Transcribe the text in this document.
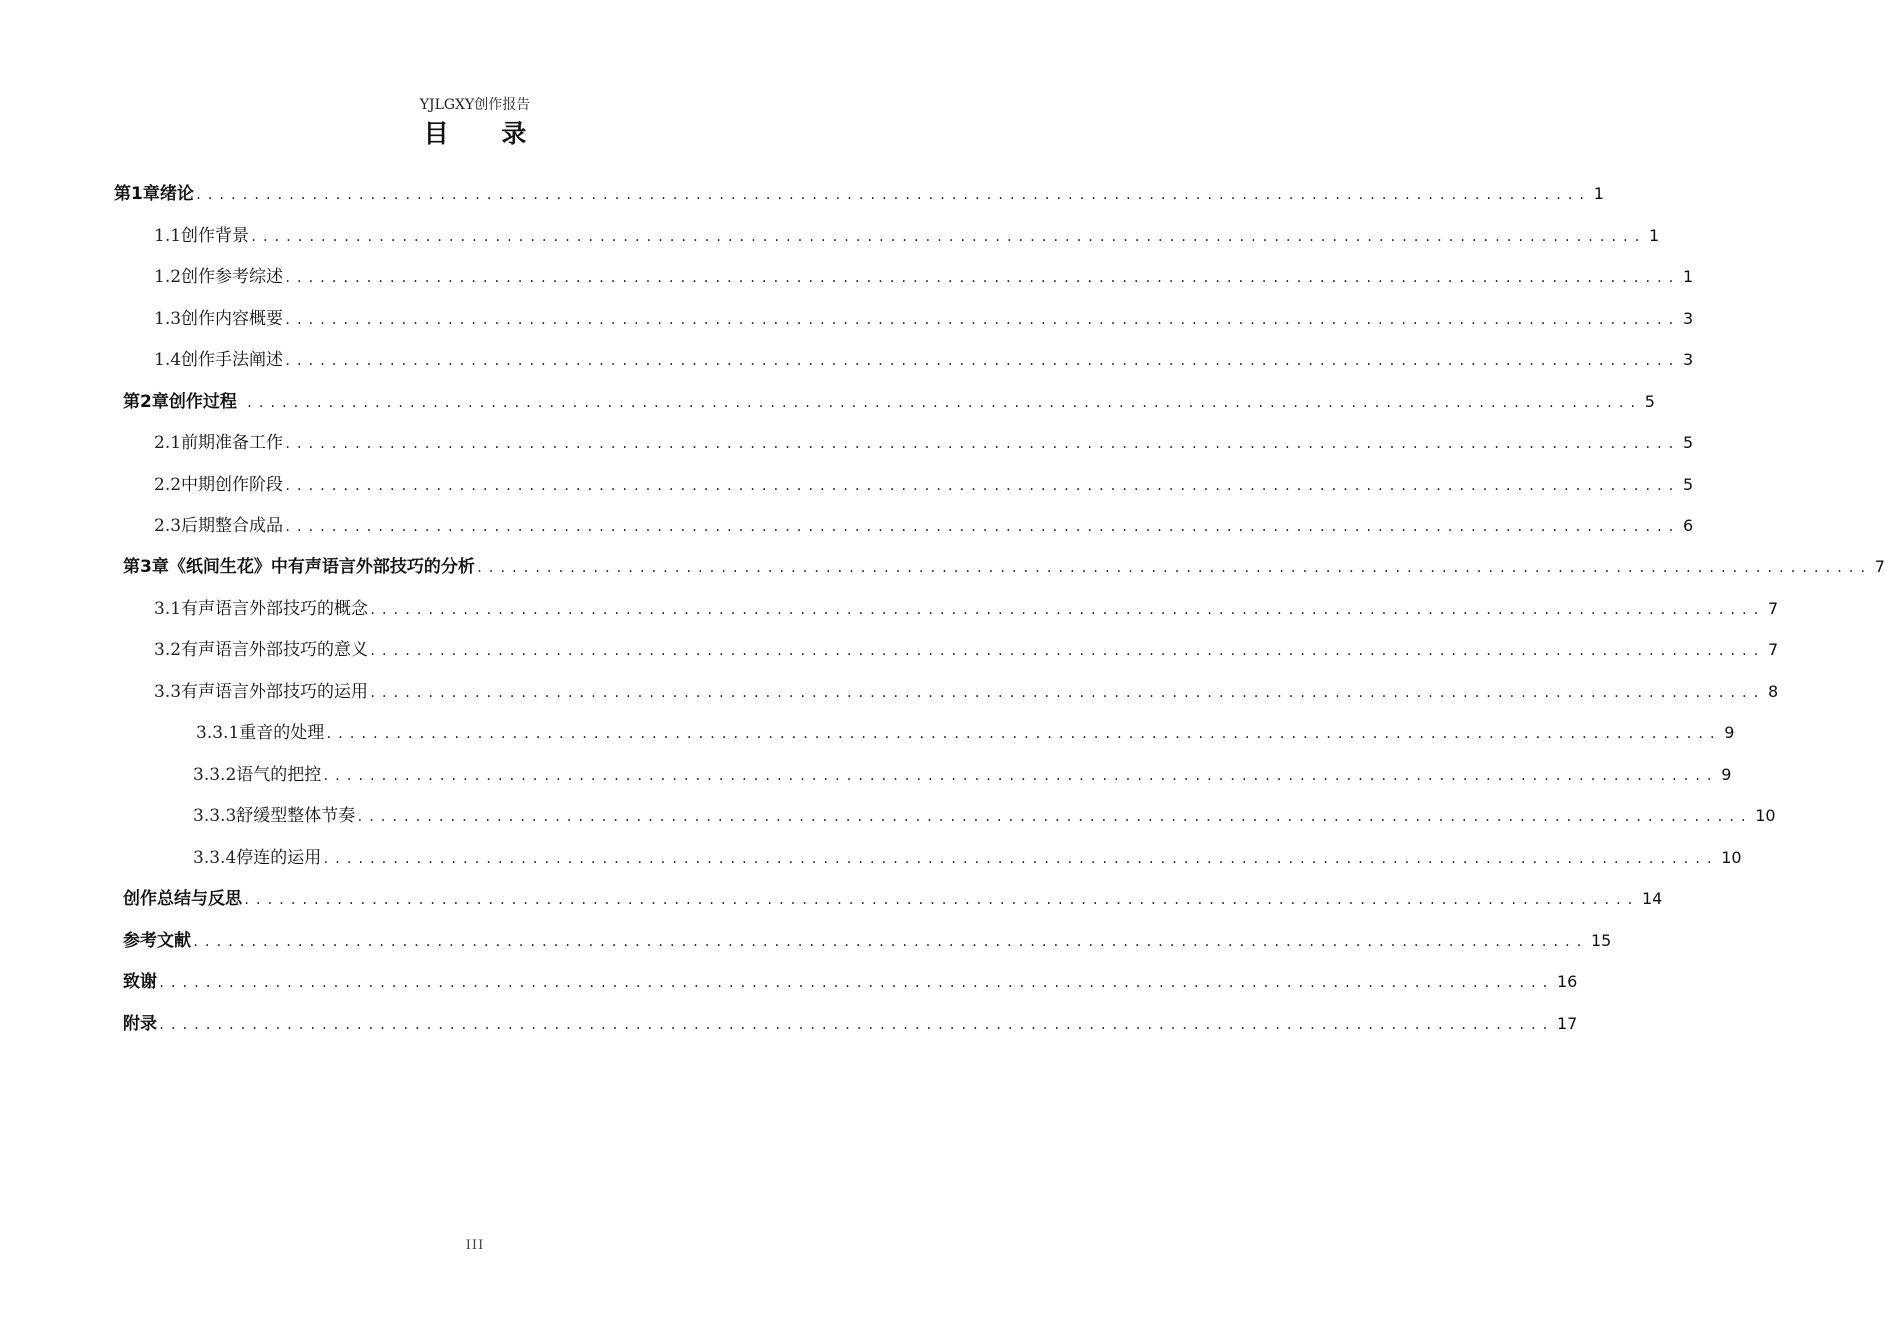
YJLGXY创作报告
目 录
第1章 绪论 ........................................................................................................................ 1
1.1 创作背景 ........................................................................................................................ 1
1.2 创作参考综述 ........................................................................................................................ 1
1.3 创作内容概要 ........................................................................................................................ 3
1.4 创作手法阐述 ........................................................................................................................ 3
第2章 创作过程 ........................................................................................................................ 5
2.1 前期准备工作 ........................................................................................................................ 5
2.2 中期创作阶段 ........................................................................................................................ 5
2.3 后期整合成品 ........................................................................................................................ 6
第3章 《纸间生花》中有声语言外部技巧的分析 ........................................................................................................................ 7
3.1 有声语言外部技巧的概念 ........................................................................................................................ 7
3.2 有声语言外部技巧的意义 ........................................................................................................................ 7
3.3 有声语言外部技巧的运用 ........................................................................................................................ 8
3.3.1 重音的处理 ........................................................................................................................ 9
3.3.2 语气的把控 ........................................................................................................................ 9
3.3.3 舒缓型整体节奏 ........................................................................................................................ 10
3.3.4 停连的运用 ........................................................................................................................ 10
创作总结与反思 ........................................................................................................................ 14
参考文献 ........................................................................................................................ 15
致谢 ........................................................................................................................ 16
附录 ........................................................................................................................ 17
III
